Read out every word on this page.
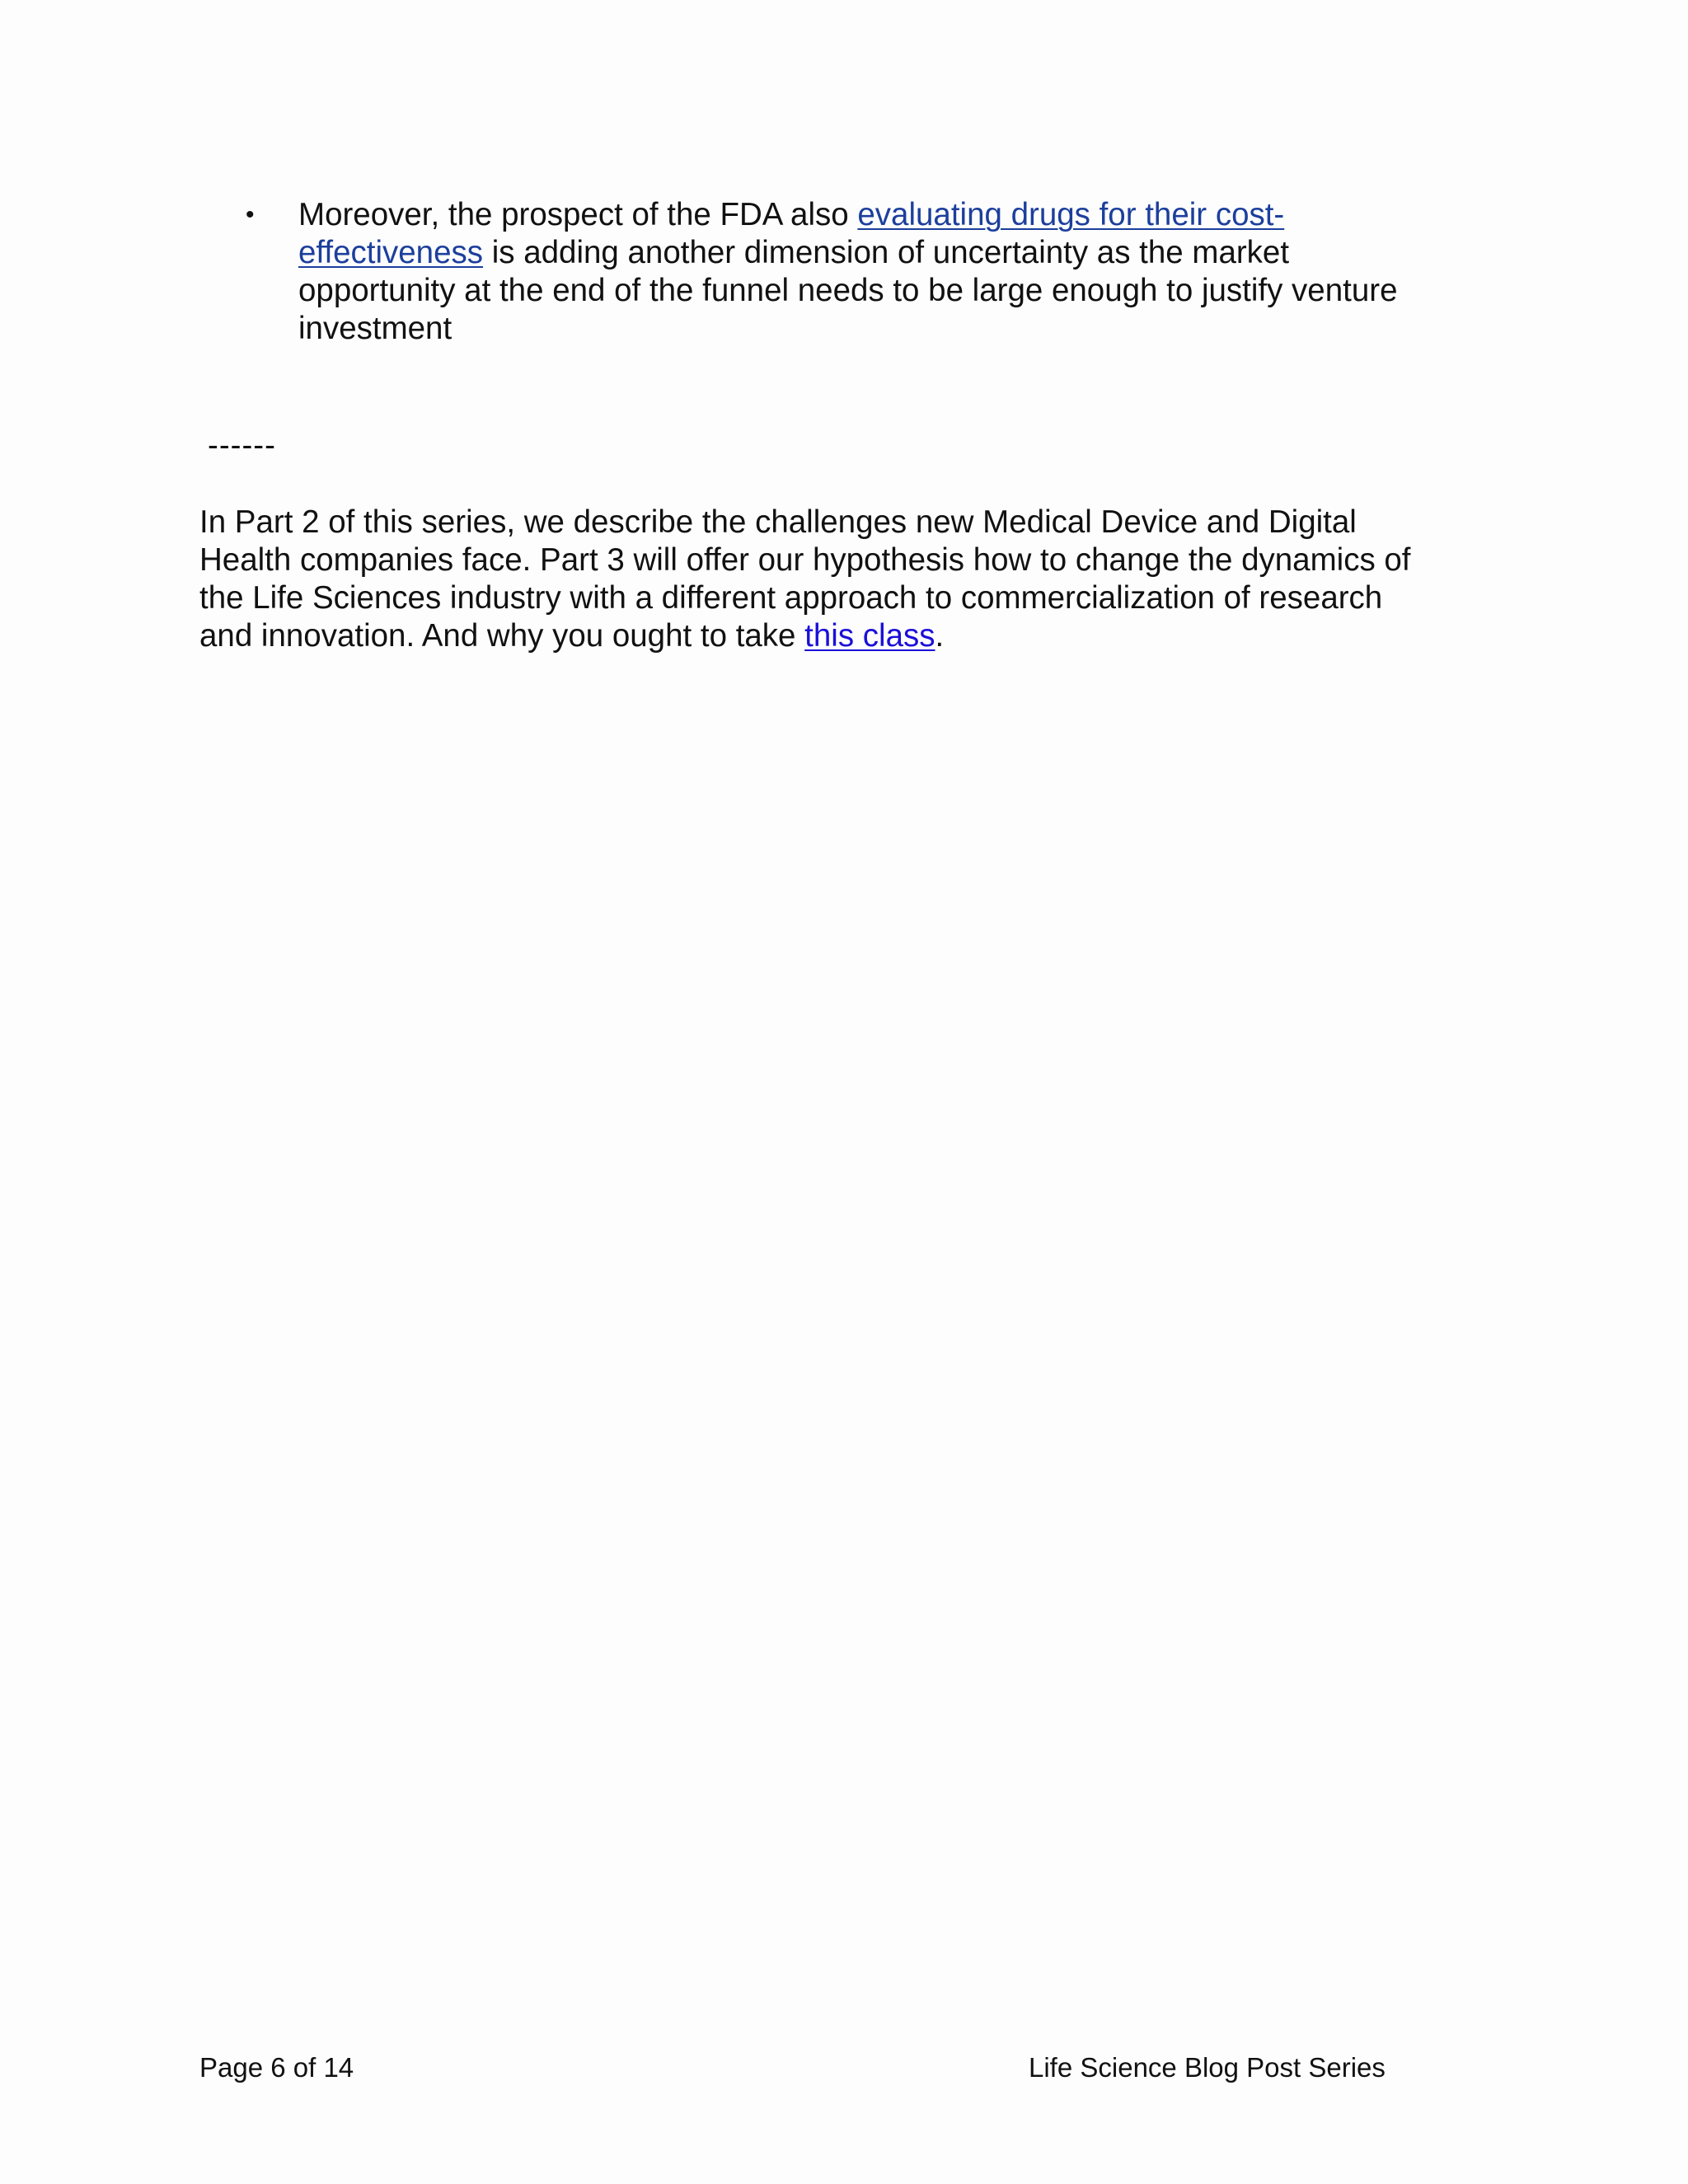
• Moreover, the prospect of the FDA also evaluating drugs for their cost-
effectiveness is adding another dimension of uncertainty as the market
opportunity at the end of the funnel needs to be large enough to justify venture
investment
------
In Part 2 of this series, we describe the challenges new Medical Device and Digital
Health companies face. Part 3 will offer our hypothesis how to change the dynamics of
the Life Sciences industry with a different approach to commercialization of research
and innovation. And why you ought to take this class.
Page 6 of 14	Life Science Blog Post Series
